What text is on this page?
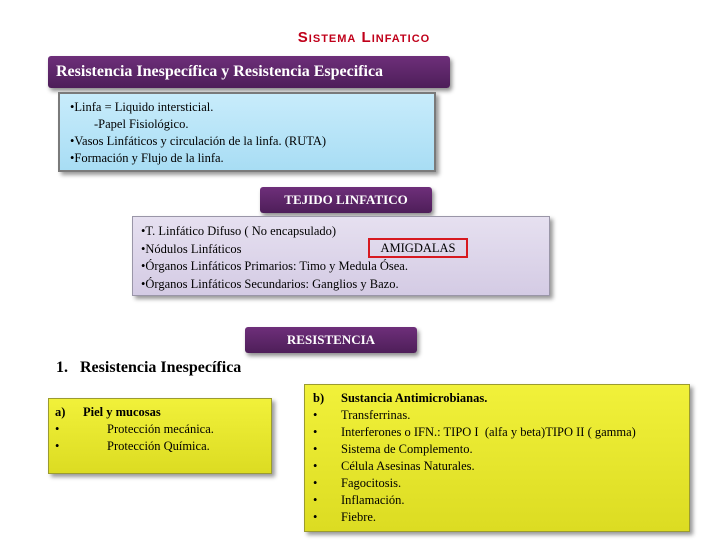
Sistema Linfatico
Resistencia Inespecífica y Resistencia Especifica
•Linfa = Liquido intersticial.
-Papel Fisiológico.
•Vasos Linfáticos y circulación de la linfa. (RUTA)
•Formación y Flujo de la linfa.
TEJIDO LINFATICO
•T. Linfático Difuso ( No encapsulado)
•Nódulos Linfáticos
•Órganos Linfáticos Primarios: Timo y Medula Ósea.
•Órganos Linfáticos Secundarios: Ganglios y Bazo.
AMIGDALAS
RESISTENCIA
1.   Resistencia Inespecífica
a)	Piel y mucosas
•	Protección mecánica.
•	Protección Química.
b)	Sustancia Antimicrobianas.
•	Transferrinas.
•	Interferones o IFN.: TIPO I  (alfa y beta)TIPO II ( gamma)
•	Sistema de Complemento.
•	Célula Asesinas Naturales.
•	Fagocitosis.
•	Inflamación.
•	Fiebre.
